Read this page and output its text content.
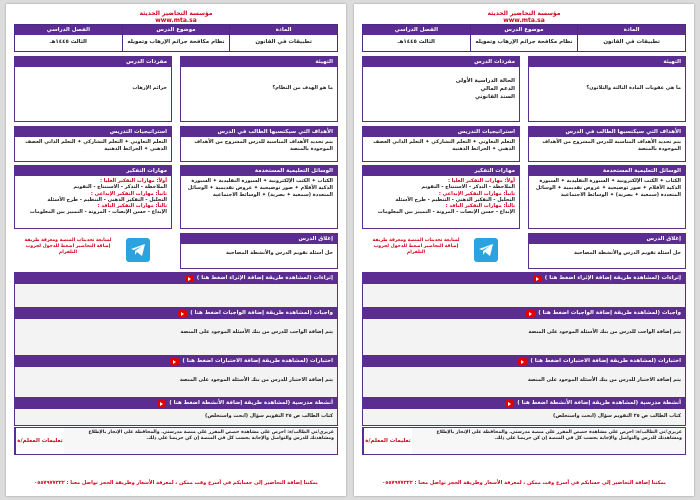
مؤسسة التحاضير الحديثة
www.mta.sa
المادة
تطبيقات في القانون
موضوع الدرس
نظام مكافحة جرائم الإرهاب وتمويله
الفصل الدراسي
الثالث ١٤٤٥هـ
التهيئة
ما هو الهدف من النظام؟
مفردات الدرس
جرائم الإرهاب
الأهداف التي سيكتسبها الطالب في الدرس
يتم تحديد الأهداف المناسبة للدرس المشروح من الأهداف الموجودة بالمنصة
استراتيجيات التدريس
التعلم التعاوني ✦ التعلم التشاركي ✦ التعلم الذاتي العصف الذهني ✦ الخرائط الذهنية
الوسائل التعليمية المستخدمة
الكتاب ✦ الكتب الإلكترونية ✦ السبورة التقليدية ✦ السبورة الذكية الأقلام ✦ صور توضيحية ✦ عروض تقديمية ✦ الوسائل المتعددة (سمعية ✦ بصرية) ✦ الوسائط الاجتماعية
مهارات التفكير
أولاً: مهارات التفكير العليا :
الملاحظة - التذكر - الاستنتاج - التقويم
ثانياً: مهارات التفكير الإبداعي :
التحليل - التفكير الذهني - التنظيم - طرح الأسئلة
ثالثاً: مهارات التفكير الناقد :
الإبداع - حسن الإنصات - المرونة - التمييز بين المعلومات
إغلاق الدرس
حل أسئلة تقويم الدرس والأنشطة المصاحبة
لمتابعة تحديثات المنصة ومعرفة طريقة إضافة التحاضير اضغط للدخول لجروب التلقرام
إثراءات (لمشاهدة طريقة إضافة الإثراء اضغط هنا )
واجبات (لمشاهدة طريقة إضافة الواجبات اضغط هنا )
يتم إضافة الواجب للدرس من بنك الأسئلة الموجود على المنصة
اختبارات (لمشاهدة طريقة إضافة الاختبارات اضغط هنا )
يتم إضافة الاختبار للدرس من بنك الأسئلة الموجود على المنصة
أنشطة مدرسية (لمشاهدة طريقة إضافة الأنشطة اضغط هنا )
كتاب الطالب ص ٢٥ التقويم سؤال (ابحث واستخلص)
عزيزي/تي الطالب/ة: احرص على مشاهدة حصص المقرر على منصة مدرستي. والمحافظة على الإنجاز بالإطلاع ومشاهدتك للدرس والتواصل والإجابة بحسب كل في المنصة إن كن حريصا على ذلك.
تعليمات المعلم/ة
يمكننا إضافة التحاضير إلى حسابكم في أسرع وقت ممكن ، لمعرفة الأسعار وطريقة الحجز تواصل معنا : ٠٥٥٧٩٧٧٣٢٢
مؤسسة التحاضير الحديثة
www.mta.sa
المادة
تطبيقات في القانون
موضوع الدرس
نظام مكافحة جرائم الإرهاب وتمويله
الفصل الدراسي
الثالث ١٤٤٥هـ
التهيئة
ما هي عقوبات المادة الثالثة والثلاثون؟
مفردات الدرس
الحالة الدراسية الأولى
الدعم المالي
السند القانوني
الأهداف التي سيكتسبها الطالب في الدرس
يتم تحديد الأهداف المناسبة للدرس المشروح من الأهداف الموجودة بالمنصة
استراتيجيات التدريس
التعلم التعاوني ✦ التعلم التشاركي ✦ التعلم الذاتي العصف الذهني ✦ الخرائط الذهنية
الوسائل التعليمية المستخدمة
الكتاب ✦ الكتب الإلكترونية ✦ السبورة التقليدية ✦ السبورة الذكية الأقلام ✦ صور توضيحية ✦ عروض تقديمية ✦ الوسائل المتعددة (سمعية ✦ بصرية) ✦ الوسائط الاجتماعية
مهارات التفكير
أولاً: مهارات التفكير العليا :
الملاحظة - التذكر - الاستنتاج - التقويم
ثانياً: مهارات التفكير الإبداعي :
التحليل - التفكير الذهني - التنظيم - طرح الأسئلة
ثالثاً: مهارات التفكير الناقد :
الإبداع - حسن الإنصات - المرونة - التمييز بين المعلومات
إغلاق الدرس
حل أسئلة تقويم الدرس والأنشطة المصاحبة
لمتابعة تحديثات المنصة ومعرفة طريقة إضافة التحاضير اضغط للدخول لجروب التلقرام
إثراءات (لمشاهدة طريقة إضافة الإثراء اضغط هنا )
واجبات (لمشاهدة طريقة إضافة الواجبات اضغط هنا )
يتم إضافة الواجب للدرس من بنك الأسئلة الموجود على المنصة
اختبارات (لمشاهدة طريقة إضافة الاختبارات اضغط هنا )
يتم إضافة الاختبار للدرس من بنك الأسئلة الموجود على المنصة
أنشطة مدرسية (لمشاهدة طريقة إضافة الأنشطة اضغط هنا )
كتاب الطالب ص ٢٥ التقويم سؤال (ابحث واستخلص)
عزيزي/تي الطالب/ة: احرص على مشاهدة حصص المقرر على منصة مدرستي. والمحافظة على الإنجاز بالإطلاع ومشاهدتك للدرس والتواصل والإجابة بحسب كل في المنصة إن كن حريصا على ذلك.
تعليمات المعلم/ة
يمكننا إضافة التحاضير إلى حسابكم في أسرع وقت ممكن ، لمعرفة الأسعار وطريقة الحجز تواصل معنا : ٠٥٥٧٩٧٧٣٢٢
